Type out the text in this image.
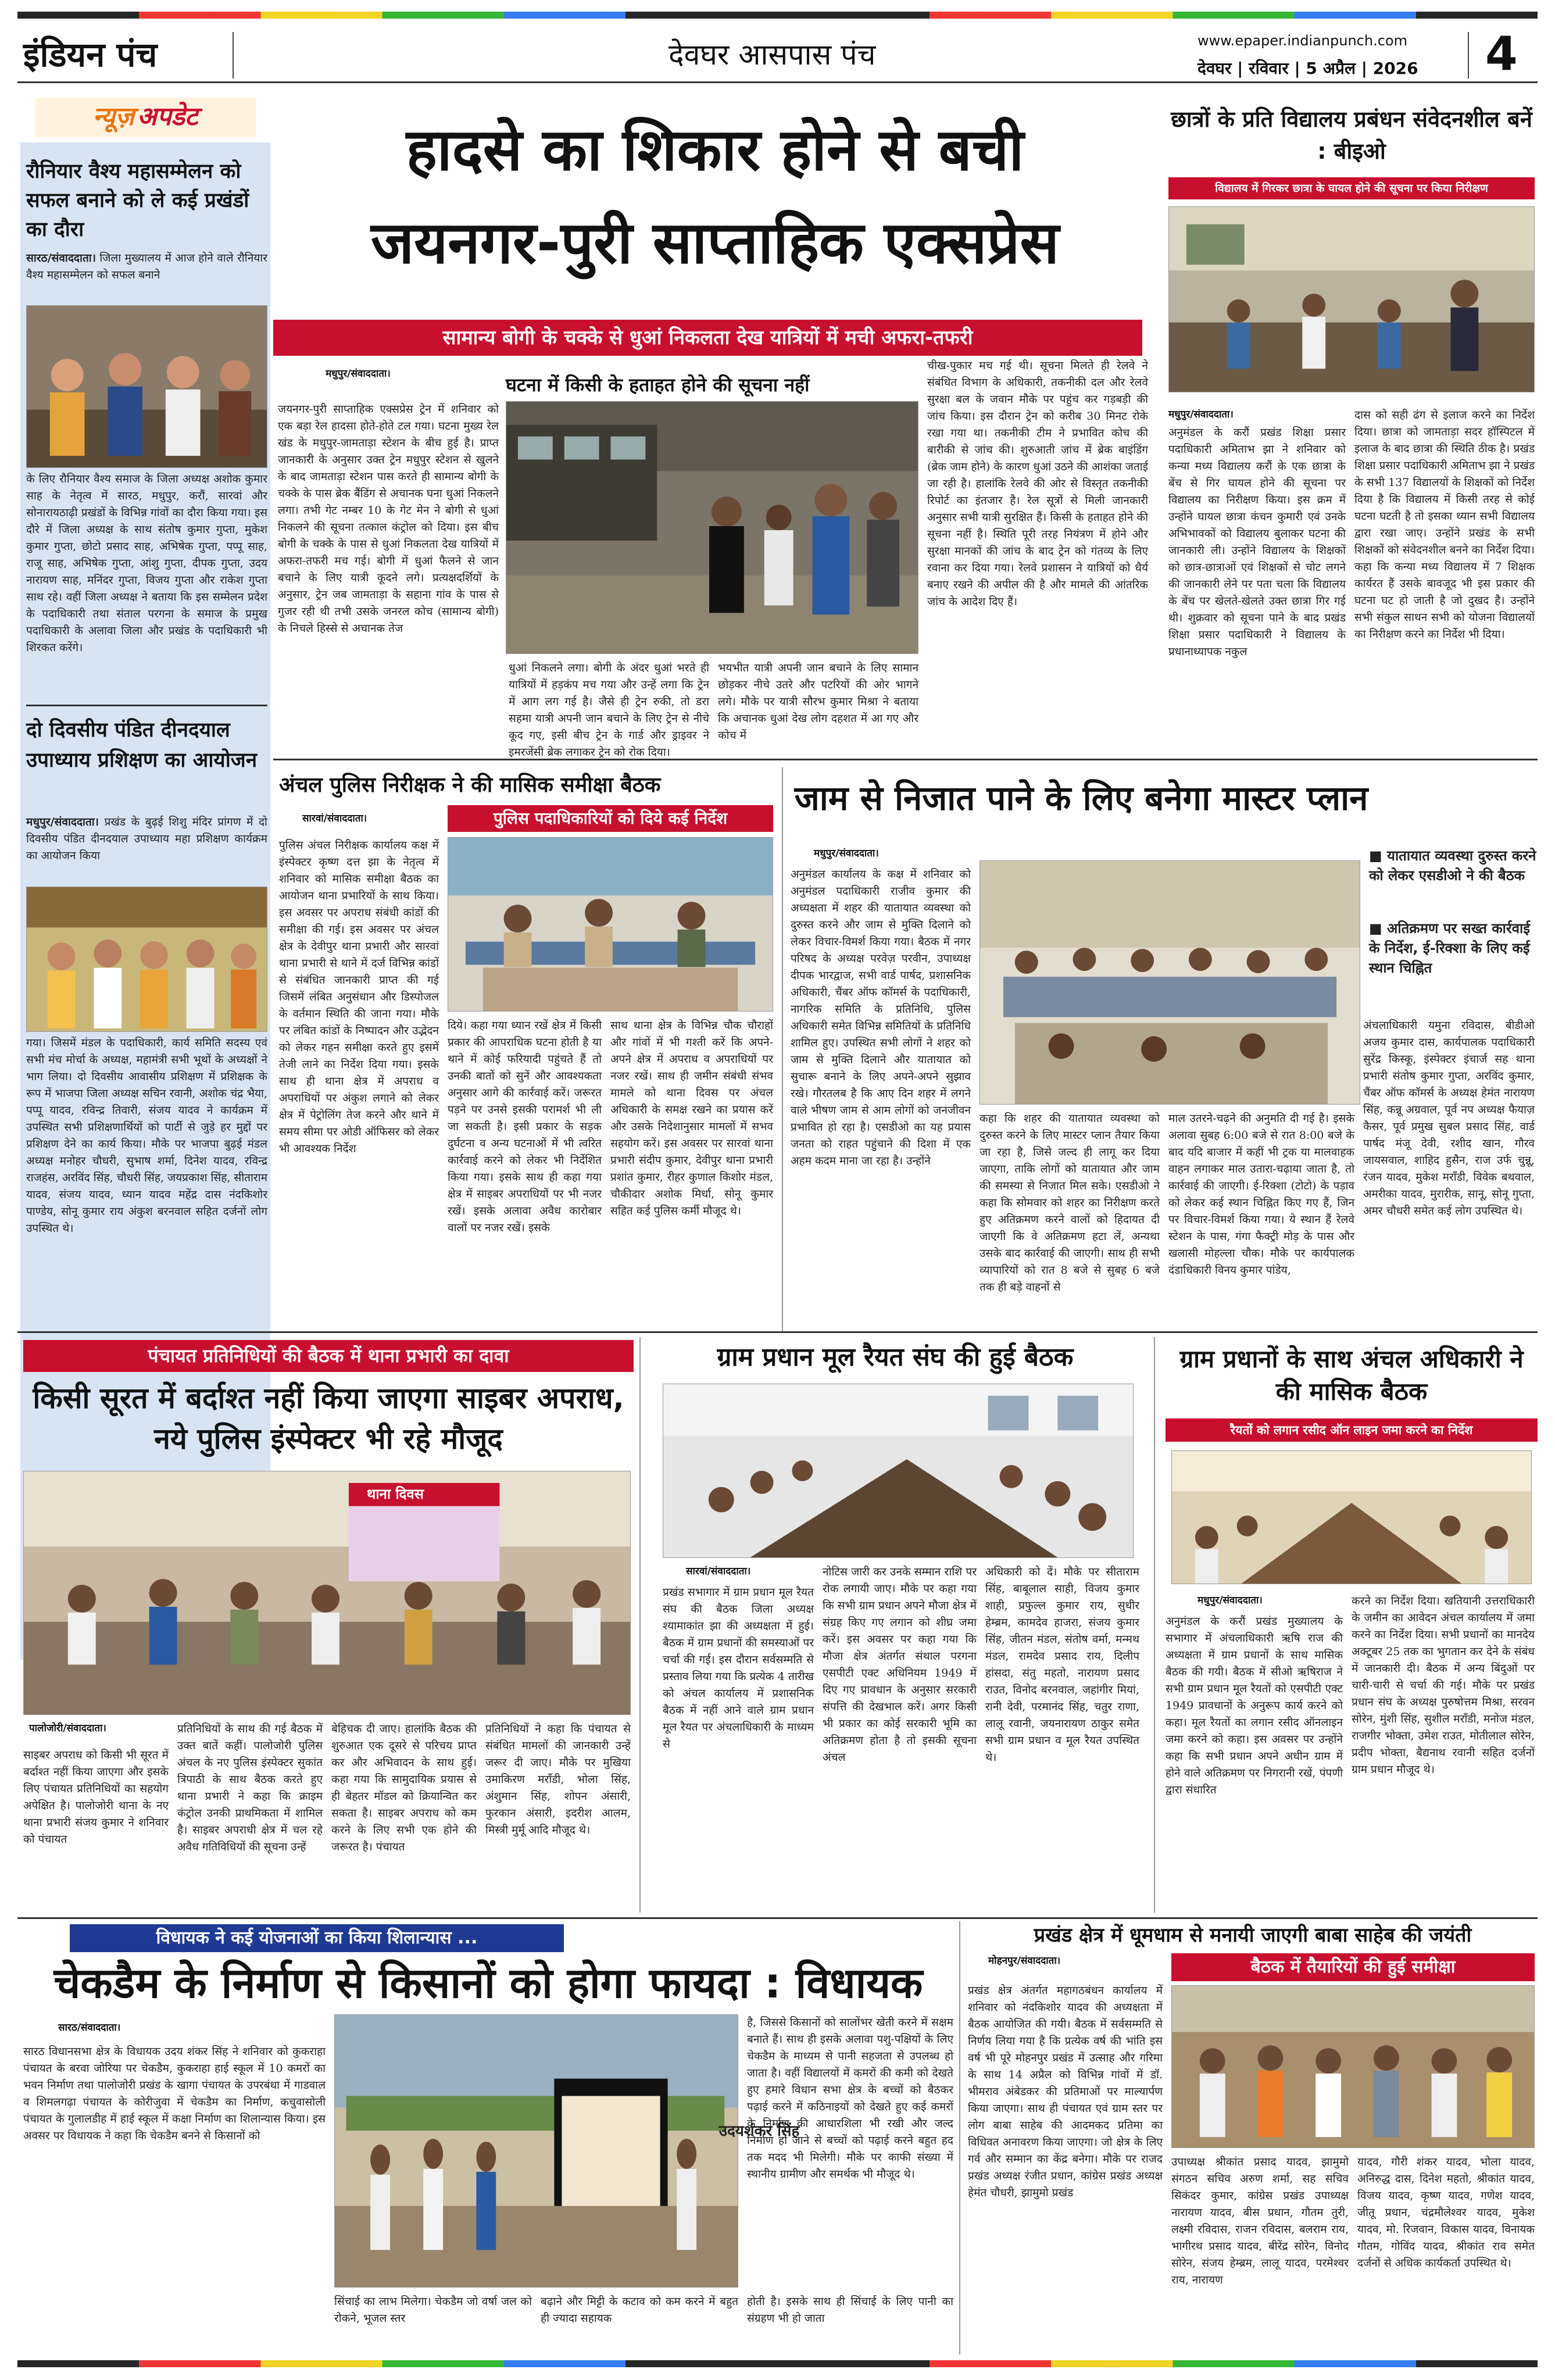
इंडियन पंच	देवघर आसपास पंच	www.epaper.indianpunch.com
देवघर | रविवार | 5 अप्रैल | 2026 4
न्यूज़ अपडेट
रौनियार वैश्य महासम्मेलन को सफल बनाने को ले कई प्रखंडों का दौरा
सारठ/संवाददाता। जिला मुख्यालय में आज होने वाले रौनियार वैश्य महासम्मेलन को सफल बनाने
के लिए रौनियार वैश्य समाज के जिला अध्यक्ष अशोक कुमार साह के नेतृत्व में सारठ, मधुपुर, करौं, सारवां और सोनारायठाढ़ी प्रखंडों के विभिन्न गांवों का दौरा किया गया। इस दौरे में जिला अध्यक्ष के साथ संतोष कुमार गुप्ता, मुकेश कुमार गुप्ता, छोटो प्रसाद साह, अभिषेक गुप्ता, पप्पू साह, राजू साह, अभिषेक गुप्ता, आंशु गुप्ता, दीपक गुप्ता, उदय नारायण साह, मनिंदर गुप्ता, विजय गुप्ता और राकेश गुप्ता साथ रहे। वहीं जिला अध्यक्ष ने बताया कि इस सम्मेलन प्रदेश के पदाधिकारी तथा संताल परगना के समाज के प्रमुख पदाधिकारी के अलावा जिला और प्रखंड के पदाधिकारी भी शिरकत करेंगे।
दो दिवसीय पंडित दीनदयाल उपाध्याय प्रशिक्षण का आयोजन
मधुपुर/संवाददाता। प्रखंड के बुढ़ई शिशु मंदिर प्रांगण में दो दिवसीय पंडित दीनदयाल उपाध्याय महा प्रशिक्षण कार्यक्रम का आयोजन किया
गया। जिसमें मंडल के पदाधिकारी, कार्य समिति सदस्य एवं सभी मंच मोर्चा के अध्यक्ष, महामंत्री सभी भूथों के अध्यक्षों ने भाग लिया। दो दिवसीय आवासीय प्रशिक्षण में प्रशिक्षक के रूप में भाजपा जिला अध्यक्ष सचिन रवानी, अशोक चंद्र भैया, पप्पू यादव, रविन्द्र तिवारी, संजय यादव ने कार्यक्रम में उपस्थित सभी प्रशिक्षणार्थियों को पार्टी से जुड़े हर मुद्दों पर प्रशिक्षण देने का कार्य किया। मौके पर भाजपा बुढ़ई मंडल अध्यक्ष मनोहर चौधरी, सुभाष शर्मा, दिनेश यादव, रविन्द्र राजहंस, अरविंद सिंह, चौधरी सिंह, जयप्रकाश सिंह, सीताराम यादव, संजय यादव, ध्यान यादव महेंद्र दास नंदकिशोर पाण्डेय, सोनू कुमार राय अंकुश बरनवाल सहित दर्जनों लोग उपस्थित थे।
हादसे का शिकार होने से बची
जयनगर-पुरी साप्ताहिक एक्सप्रेस
सामान्य बोगी के चक्के से धुआं निकलता देख यात्रियों में मची अफरा-तफरी
मधुपुर/संवाददाता।	घटना में किसी के हताहत होने की सूचना नहीं
जयनगर-पुरी साप्ताहिक एक्सप्रेस ट्रेन में शनिवार को एक बड़ा रेल हादसा होते-होते टल गया। घटना मुख्य रेल खंड के मधुपुर-जामताड़ा स्टेशन के बीच हुई है। प्राप्त जानकारी के अनुसार उक्त ट्रेन मधुपुर स्टेशन से खुलने के बाद जामताड़ा स्टेशन पास करते ही सामान्य बोगी के चक्के के पास ब्रेक बैंडिंग से अचानक घना धुआं निकलने लगा। तभी गेट नम्बर 10 के गेट मेन ने बोगी से धुआं निकलने की सूचना तत्काल कंट्रोल को दिया। इस बीच बोगी के चक्के के पास से धुआं निकलता देख यात्रियों में अफरा-तफरी मच गई। बोगी में धुआं फैलने से जान बचाने के लिए यात्री कूदने लगे। प्रत्यक्षदर्शियों के अनुसार, ट्रेन जब जामताड़ा के सहाना गांव के पास से गुजर रही थी तभी उसके जनरल कोच (सामान्य बोगी) के निचले हिस्से से अचानक तेज
धुआं निकलने लगा। बोगी के अंदर धुआं भरते ही यात्रियों में हड़कंप मच गया और उन्हें लगा कि ट्रेन में आग लग गई है। जैसे ही ट्रेन रुकी, तो डरा सहमा यात्री अपनी जान बचाने के लिए ट्रेन से नीचे कूद गए, इसी बीच ट्रेन के गार्ड और ड्राइवर ने इमरजेंसी ब्रेक लगाकर ट्रेन को रोक दिया।
भयभीत यात्री अपनी जान बचाने के लिए सामान छोड़कर नीचे उतरे और पटरियों की ओर भागने लगे। मौके पर यात्री सौरभ कुमार मिश्रा ने बताया कि अचानक धुआं देख लोग दहशत में आ गए और कोच में
चीख-पुकार मच गई थी। सूचना मिलते ही रेलवे ने संबंधित विभाग के अधिकारी, तकनीकी दल और रेलवे सुरक्षा बल के जवान मौके पर पहुंच कर गड़बड़ी की जांच किया। इस दौरान ट्रेन को करीब 30 मिनट रोके रखा गया था। तकनीकी टीम ने प्रभावित कोच की बारीकी से जांच की। शुरुआती जांच में ब्रेक बाइंडिंग (ब्रेक जाम होने) के कारण धुआं उठने की आशंका जताई जा रही है। हालांकि रेलवे की ओर से विस्तृत तकनीकी रिपोर्ट का इंतजार है। रेल सूत्रों से मिली जानकारी अनुसार सभी यात्री सुरक्षित हैं। किसी के हताहत होने की सूचना नहीं है। स्थिति पूरी तरह नियंत्रण में होने और सुरक्षा मानकों की जांच के बाद ट्रेन को गंतव्य के लिए रवाना कर दिया गया। रेलवे प्रशासन ने यात्रियों को धैर्य बनाए रखने की अपील की है और मामले की आंतरिक जांच के आदेश दिए हैं।
छात्रों के प्रति विद्यालय प्रबंधन संवेदनशील बनें : बीइओ
विद्यालय में गिरकर छात्रा के घायल होने की सूचना पर किया निरीक्षण
मधुपुर/संवाददाता।
अनुमंडल के करौं प्रखंड शिक्षा प्रसार पदाधिकारी अमिताभ झा ने शनिवार को कन्या मध्य विद्यालय करौं के एक छात्रा के बेंच से गिर घायल होने की सूचना पर विद्यालय का निरीक्षण किया। इस क्रम में उन्होंने घायल छात्रा कंचन कुमारी एवं उनके अभिभावकों को विद्यालय बुलाकर घटना की जानकारी ली। उन्होंने विद्यालय के शिक्षकों को छात्र-छात्राओं एवं शिक्षकों से चोट लगने की जानकारी लेने पर पता चला कि विद्यालय के बेंच पर खेलते-खेलते उक्त छात्रा गिर गई थी। शुक्रवार को सूचना पाने के बाद प्रखंड शिक्षा प्रसार पदाधिकारी ने विद्यालय के प्रधानाध्यापक नकुल
दास को सही ढंग से इलाज करने का निर्देश दिया। छात्रा को जामताड़ा सदर हॉस्पिटल में इलाज के बाद छात्रा की स्थिति ठीक है। प्रखंड शिक्षा प्रसार पदाधिकारी अमिताभ झा ने प्रखंड के सभी 137 विद्यालयों के शिक्षकों को निर्देश दिया है कि विद्यालय में किसी तरह से कोई घटना घटती है तो इसका ध्यान सभी विद्यालय द्वारा रखा जाए। उन्होंने प्रखंड के सभी शिक्षकों को संवेदनशील बनने का निर्देश दिया। कहा कि कन्या मध्य विद्यालय में 7 शिक्षक कार्यरत हैं उसके बावजूद भी इस प्रकार की घटना घट हो जाती है जो दुखद है। उन्होंने सभी संकुल साधन सभी को योजना विद्यालयों का निरीक्षण करने का निर्देश भी दिया।
अंचल पुलिस निरीक्षक ने की मासिक समीक्षा बैठक
सारवां/संवाददाता।	पुलिस पदाधिकारियों को दिये कई निर्देश
पुलिस अंचल निरीक्षक कार्यालय कक्ष में इंस्पेक्टर कृष्ण दत्त झा के नेतृत्व में शनिवार को मासिक समीक्षा बैठक का आयोजन थाना प्रभारियों के साथ किया। इस अवसर पर अपराध संबंधी कांडों की समीक्षा की गई। इस अवसर पर अंचल क्षेत्र के देवीपुर थाना प्रभारी और सारवां थाना प्रभारी से थाने में दर्ज विभिन्न कांडों से संबंधित जानकारी प्राप्त की गई जिसमें लंबित अनुसंधान और डिस्पोजल के वर्तमान स्थिति की जाना गया। मौके पर लंबित कांडों के निष्पादन और उद्भेदन को लेकर गहन समीक्षा करते हुए इसमें तेजी लाने का निर्देश दिया गया। इसके साथ ही थाना क्षेत्र में अपराध व अपराधियों पर अंकुश लगाने को लेकर क्षेत्र में पेट्रोलिंग तेज करने और थाने में समय सीमा पर ओडी ऑफिसर को लेकर भी आवश्यक निर्देश
दिये। कहा गया ध्यान रखें क्षेत्र में किसी प्रकार की आपराधिक घटना होती है या थाने में कोई फरियादी पहुंचते हैं तो उनकी बातों को सुनें और आवश्यकता अनुसार आगे की कार्रवाई करें। जरूरत पड़ने पर उनसे इसकी परामर्श भी ली जा सकती है। इसी प्रकार के सड़क दुर्घटना व अन्य घटनाओं में भी त्वरित कार्रवाई करने को लेकर भी निर्देशित किया गया। इसके साथ ही कहा गया क्षेत्र में साइबर अपराधियों पर भी नजर रखें। इसके अलावा अवैध कारोबार वालों पर नजर रखें। इसके
साथ थाना क्षेत्र के विभिन्न चौक चौराहों और गांवों में भी गश्ती करें कि अपने-अपने क्षेत्र में अपराध व अपराधियों पर नजर रखें। साथ ही जमीन संबंधी संभव मामले को थाना दिवस पर अंचल अधिकारी के समक्ष रखने का प्रयास करें और उसके निदेशानुसार मामलों में सभव सहयोग करें। इस अवसर पर सारवां थाना प्रभारी संदीप कुमार, देवीपुर थाना प्रभारी प्रशांत कुमार, रीहर कुणाल किशोर मंडल, चौकीदार अशोक मिर्धा, सोनू कुमार सहित कई पुलिस कर्मी मौजूद थे।
जाम से निजात पाने के लिए बनेगा मास्टर प्लान
मधुपुर/संवाददाता।	■ यातायात व्यवस्था दुरुस्त करने को लेकर एसडीओ ने की बैठक
■ अतिक्रमण पर सख्त कार्रवाई के निर्देश, ई-रिक्शा के लिए कई स्थान चिह्नित
अनुमंडल कार्यालय के कक्ष में शनिवार को अनुमंडल पदाधिकारी राजीव कुमार की अध्यक्षता में शहर की यातायात व्यवस्था को दुरुस्त करने और जाम से मुक्ति दिलाने को लेकर विचार-विमर्श किया गया। बैठक में नगर परिषद के अध्यक्ष परवेज़ परवीन, उपाध्यक्ष दीपक भारद्वाज, सभी वार्ड पार्षद, प्रशासनिक अधिकारी, चैंबर ऑफ कॉमर्स के पदाधिकारी, नागरिक समिति के प्रतिनिधि, पुलिस अधिकारी समेत विभिन्न समितियों के प्रतिनिधि शामिल हुए। उपस्थित सभी लोगों ने शहर को जाम से मुक्ति दिलाने और यातायात को सुचारू बनाने के लिए अपने-अपने सुझाव रखे। गौरतलब है कि आए दिन शहर में लगने वाले भीषण जाम से आम लोगों को जनजीवन प्रभावित हो रहा है। एसडीओ का यह प्रयास जनता को राहत पहुंचाने की दिशा में एक अहम कदम माना जा रहा है। उन्होंने
कहा कि शहर की यातायात व्यवस्था को दुरुस्त करने के लिए मास्टर प्लान तैयार किया जा रहा है, जिसे जल्द ही लागू कर दिया जाएगा, ताकि लोगों को यातायात और जाम की समस्या से निजात मिल सके। एसडीओ ने कहा कि सोमवार को शहर का निरीक्षण करते हुए अतिक्रमण करने वालों को हिदायत दी जाएगी कि वे अतिक्रमण हटा लें, अन्यथा उसके बाद कार्रवाई की जाएगी। साथ ही सभी व्यापारियों को रात 8 बजे से सुबह 6 बजे तक ही बड़े वाहनों से
माल उतरने-चढ़ने की अनुमति दी गई है। इसके अलावा सुबह 6:00 बजे से रात 8:00 बजे के बाद यदि बाजार में कहीं भी ट्रक या मालवाहक वाहन लगाकर माल उतारा-चढ़ाया जाता है, तो कार्रवाई की जाएगी। ई-रिक्शा (टोटो) के पड़ाव को लेकर कई स्थान चिह्नित किए गए हैं, जिन पर विचार-विमर्श किया गया। ये स्थान हैं रेलवे स्टेशन के पास, गंगा फैक्ट्री मोड़ के पास और खलासी मोहल्ला चौक। मौके पर कार्यपालक दंडाधिकारी विनय कुमार पांडेय,
अंचलाधिकारी यमुना रविदास, बीडीओ अजय कुमार दास, कार्यपालक पदाधिकारी सुरेंद्र किस्कू, इंस्पेक्टर इंचार्ज सह थाना प्रभारी संतोष कुमार गुप्ता, अरविंद कुमार, चैंबर ऑफ कॉमर्स के अध्यक्ष हेमंत नारायण सिंह, कन्नू अग्रवाल, पूर्व नप अध्यक्ष फैयाज़ कैसर, पूर्व प्रमुख सुबल प्रसाद सिंह, वार्ड पार्षद मंजू देवी, रशीद खान, गौरव जायसवाल, शाहिद हुसैन, राज उर्फ चुन्नू, रंजन यादव, मुकेश मराँडी, विवेक बथवाल, अमरीका यादव, मुरारीक, सानू, सोनू गुप्ता, अमर चौधरी समेत कई लोग उपस्थित थे।
पंचायत प्रतिनिधियों की बैठक में थाना प्रभारी का दावा
किसी सूरत में बर्दाश्त नहीं किया जाएगा साइबर अपराध, नये पुलिस इंस्पेक्टर भी रहे मौजूद
थाना दिवस
पालोजोरी/संवाददाता।
साइबर अपराध को किसी भी सूरत में बर्दाश्त नहीं किया जाएगा और इसके लिए पंचायत प्रतिनिधियों का सहयोग अपेक्षित है। पालोजोरी थाना के नए थाना प्रभारी संजय कुमार ने शनिवार को पंचायत
प्रतिनिधियों के साथ की गई बैठक में उक्त बातें कहीं। पालोजोरी पुलिस अंचल के नए पुलिस इंस्पेक्टर सुकांत त्रिपाठी के साथ बैठक करते हुए थाना प्रभारी ने कहा कि क्राइम कंट्रोल उनकी प्राथमिकता में शामिल है। साइबर अपराधी क्षेत्र में चल रहे अवैध गतिविधियों की सूचना उन्हें
बेहिचक दी जाए। हालांकि बैठक की शुरुआत एक दूसरे से परिचय प्राप्त कर और अभिवादन के साथ हुई। कहा गया कि सामुदायिक प्रयास से ही बेहतर मॉडल को क्रियान्वित कर सकता है। साइबर अपराध को कम करने के लिए सभी एक होने की जरूरत है। पंचायत
प्रतिनिधियों ने कहा कि पंचायत से संबंधित मामलों की जानकारी उन्हें जरूर दी जाए। मौके पर मुखिया उमाकिरण मराँडी, भोला सिंह, अंशुमान सिंह, शोपन अंसारी, फुरकान अंसारी, इदरीश आलम, मिस्त्री मुर्मू आदि मौजूद थे।
ग्राम प्रधान मूल रैयत संघ की हुई बैठक
सारवां/संवाददाता।
प्रखंड सभागार में ग्राम प्रधान मूल रैयत संघ की बैठक जिला अध्यक्ष श्यामाकांत झा की अध्यक्षता में हुई। बैठक में ग्राम प्रधानों की समस्याओं पर चर्चा की गई। इस दौरान सर्वसम्मति से प्रस्ताव लिया गया कि प्रत्येक 4 तारीख को अंचल कार्यालय में प्रशासनिक बैठक में नहीं आने वाले ग्राम प्रधान मूल रैयत पर अंचलाधिकारी के माध्यम से
नोटिस जारी कर उनके सम्मान राशि पर रोक लगायी जाए। मौके पर कहा गया कि सभी ग्राम प्रधान अपने मौजा क्षेत्र में संग्रह किए गए लगान को शीघ्र जमा करें। इस अवसर पर कहा गया कि मौजा क्षेत्र अंतर्गत संथाल परगना एसपीटी एक्ट अधिनियम 1949 में दिए गए प्रावधान के अनुसार सरकारी संपत्ति की देखभाल करें। अगर किसी भी प्रकार का कोई सरकारी भूमि का अतिक्रमण होता है तो इसकी सूचना अंचल
अधिकारी को दें। मौके पर सीताराम सिंह, बाबूलाल साही, विजय कुमार शाही, प्रफुल्ल कुमार राय, सुधीर हेम्ब्रम, कामदेव हाजरा, संजय कुमार सिंह, जीतन मंडल, संतोष वर्मा, मन्मथ मंडल, रामदेव प्रसाद राय, दिलीप हांसदा, संतु महतो, नारायण प्रसाद राउत, विनोद बरनवाल, जहांगीर मियां, रानी देवी, परमानंद सिंह, चतुर राणा, लालू रवानी, जयनारायण ठाकुर समेत सभी ग्राम प्रधान व मूल रैयत उपस्थित थे।
ग्राम प्रधानों के साथ अंचल अधिकारी ने की मासिक बैठक
रैयतों को लगान रसीद ऑन लाइन जमा करने का निर्देश
मधुपुर/संवाददाता।
अनुमंडल के करौं प्रखंड मुख्यालय के सभागार में अंचलाधिकारी ऋषि राज की अध्यक्षता में ग्राम प्रधानों के साथ मासिक बैठक की गयी। बैठक में सीओ ऋषिराज ने सभी ग्राम प्रधान मूल रैयतों को एसपीटी एक्ट 1949 प्रावधानों के अनुरूप कार्य करने को कहा। मूल रैयतों का लगान रसीद ऑनलाइन जमा करने को कहा। इस अवसर पर उन्होंने कहा कि सभी प्रधान अपने अधीन ग्राम में होने वाले अतिक्रमण पर निगरानी रखें, पंपणी द्वारा संधारित
करने का निर्देश दिया। खतियानी उत्तराधिकारी के जमीन का आवेदन अंचल कार्यालय में जमा करने का निर्देश दिया। सभी प्रधानों का मानदेय अक्टूबर 25 तक का भुगतान कर देने के संबंध में जानकारी दी। बैठक में अन्य बिंदुओं पर चारी-चारी से चर्चा की गई। मौके पर प्रखंड प्रधान संघ के अध्यक्ष पुरुषोत्तम मिश्रा, सरवन सोरेन, मुंशी सिंह, सुशील मराँडी, मनोज मंडल, राजगीर भोक्ता, उमेश राउत, मोतीलाल सोरेन, प्रदीप भोक्ता, बैद्यनाथ रवानी सहित दर्जनों ग्राम प्रधान मौजूद थे।
विधायक ने कई योजनाओं का किया शिलान्यास ...
चेकडैम के निर्माण से किसानों को होगा फायदा : विधायक
सारठ/संवाददाता।
उदयशंकर सिंह
सारठ विधानसभा क्षेत्र के विधायक उदय शंकर सिंह ने शनिवार को कुकराहा पंचायत के बरवा जोरिया पर चेकडैम, कुकराहा हाई स्कूल में 10 कमरों का भवन निर्माण तथा पालोजोरी प्रखंड के खागा पंचायत के उपरबंधा में गाडवाल व शिमलगढ़ा पंचायत के कोरीजुवा में चेकडैम का निर्माण, कचुवासोली पंचायत के गुलालडीह में हाई स्कूल में कक्षा निर्माण का शिलान्यास किया। इस अवसर पर विधायक ने कहा कि चेकडैम बनने से किसानों को
सिंचाई का लाभ मिलेगा। चेकडैम जो वर्षा जल को रोकने, भूजल स्तर
बढ़ाने और मिट्टी के कटाव को कम करने में बहुत ही ज्यादा सहायक
होती है। इसके साथ ही सिंचाई के लिए पानी का संग्रहण भी हो जाता
है, जिससे किसानों को सालोंभर खेती करने में सक्षम बनाते हैं। साथ ही इसके अलावा पशु-पक्षियों के लिए चेकडैम के माध्यम से पानी सहजता से उपलब्ध हो जाता है। वहीं विद्यालयों में कमरों की कमी को देखते हुए हमारे विधान सभा क्षेत्र के बच्चों को बैठकर पढ़ाई करने में कठिनाइयों को देखते हुए कई कमरों के निर्माण की आधारशिला भी रखी और जल्द निर्माण हो जाने से बच्चों को पढ़ाई करने बहुत हद तक मदद भी मिलेगी। मौके पर काफी संख्या में स्थानीय ग्रामीण और समर्थक भी मौजूद थे।
प्रखंड क्षेत्र में धूमधाम से मनायी जाएगी बाबा साहेब की जयंती
मोहनपुर/संवाददाता।	बैठक में तैयारियों की हुई समीक्षा
प्रखंड क्षेत्र अंतर्गत महागठबंधन कार्यालय में शनिवार को नंदकिशोर यादव की अध्यक्षता में बैठक आयोजित की गयी। बैठक में सर्वसम्मति से निर्णय लिया गया है कि प्रत्येक वर्ष की भांति इस वर्ष भी पूरे मोहनपुर प्रखंड में उत्साह और गरिमा के साथ 14 अप्रैल को विभिन्न गांवों में डॉ. भीमराव अंबेडकर की प्रतिमाओं पर माल्यार्पण किया जाएगा। साथ ही पंचायत एवं ग्राम स्तर पर लोग बाबा साहेब की आदमकद प्रतिमा का विधिवत अनावरण किया जाएगा। जो क्षेत्र के लिए गर्व और सम्मान का केंद्र बनेगा। मौके पर राजद प्रखंड अध्यक्ष रंजीत प्रधान, कांग्रेस प्रखंड अध्यक्ष हेमंत चौधरी, झामुमो प्रखंड
उपाध्यक्ष श्रीकांत प्रसाद यादव, झामुमो संगठन सचिव अरुण शर्मा, सह सचिव सिकंदर कुमार, कांग्रेस प्रखंड उपाध्यक्ष नारायण यादव, बीस प्रधान, गौतम तुरी, लक्ष्मी रविदास, राजन रविदास, बलराम राय, भागीरथ प्रसाद यादव, बीरेंद्र सोरेन, विनोद सोरेन, संजय हेम्ब्रम, लालू यादव, परमेश्वर राय, नारायण
यादव, गौरी शंकर यादव, भोला यादव, अनिरुद्ध दास, दिनेश महतो, श्रीकांत यादव, विजय यादव, कृष्ण यादव, गणेश यादव, जीतू प्रधान, चंद्रमौलेश्वर यादव, मुकेश यादव, मो. रिजवान, विकास यादव, विनायक गौतम, गोविंद यादव, श्रीकांत राव समेत दर्जनों से अधिक कार्यकर्ता उपस्थित थे।
